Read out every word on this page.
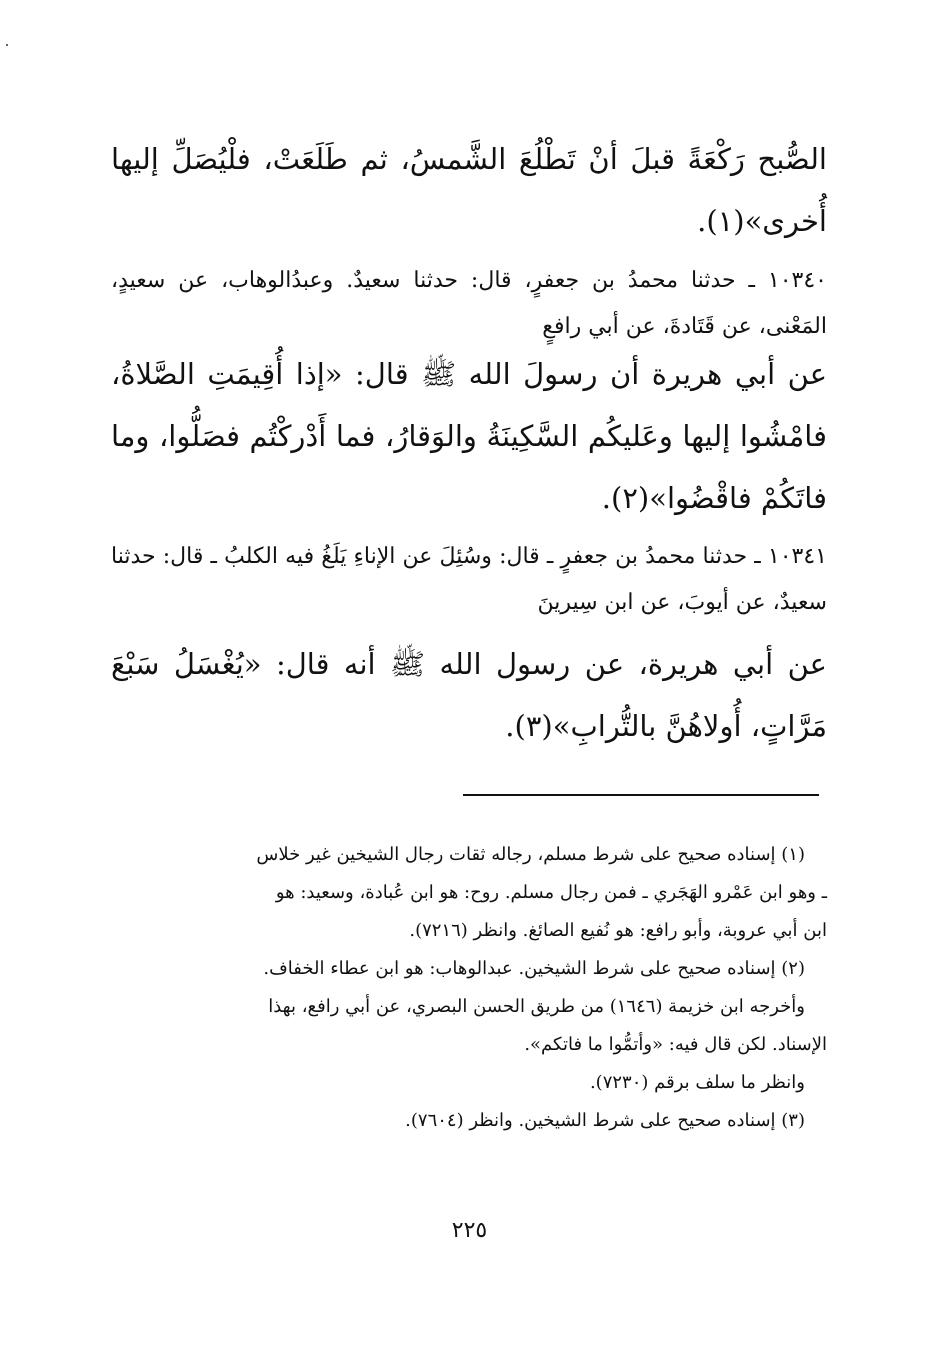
الصُّبح رَكْعَةً قبلَ أنْ تَطْلُعَ الشَّمسُ، ثم طَلَعَتْ، فلْيُصَلِّ إليها أُخرى»(١).

١٠٣٤٠ ـ حدثنا محمدُ بن جعفرٍ، قال: حدثنا سعيدٌ. وعبدُالوهاب، عن سعيدٍ، المَعْنى، عن قَتَادةَ، عن أبي رافعٍ

عن أبي هريرة أن رسولَ الله ﷺ قال: «إذا أُقِيمَتِ الصَّلاةُ، فامْشُوا إليها وعَليكُم السَّكِينَةُ والوَقارُ، فما أَدْركْتُم فصَلُّوا، وما فاتَكُمْ فاقْضُوا»(٢).

١٠٣٤١ ـ حدثنا محمدُ بن جعفرٍ ـ قال: وسُئِلَ عن الإناءِ يَلَغُ فيه الكلبُ ـ قال: حدثنا سعيدٌ، عن أيوبَ، عن ابن سِيرينَ

عن أبي هريرة، عن رسول الله ﷺ أنه قال: «يُغْسَلُ سَبْعَ مَرَّاتٍ، أُولاهُنَّ بالتُّرابِ»(٣).

(١) إسناده صحيح على شرط مسلم، رجاله ثقات رجال الشيخين غير خلاس
ـ وهو ابن عَمْرو الهَجَري ـ فمن رجال مسلم. روح: هو ابن عُبادة، وسعيد: هو
ابن أبي عروبة، وأبو رافع: هو نُفيع الصائغ. وانظر (٧٢١٦).
(٢) إسناده صحيح على شرط الشيخين. عبدالوهاب: هو ابن عطاء الخفاف.
وأخرجه ابن خزيمة (١٦٤٦) من طريق الحسن البصري، عن أبي رافع، بهذا
الإسناد. لكن قال فيه: «وأتمُّوا ما فاتكم».
وانظر ما سلف برقم (٧٢٣٠).
(٣) إسناده صحيح على شرط الشيخين. وانظر (٧٦٠٤).
٢٢٥
